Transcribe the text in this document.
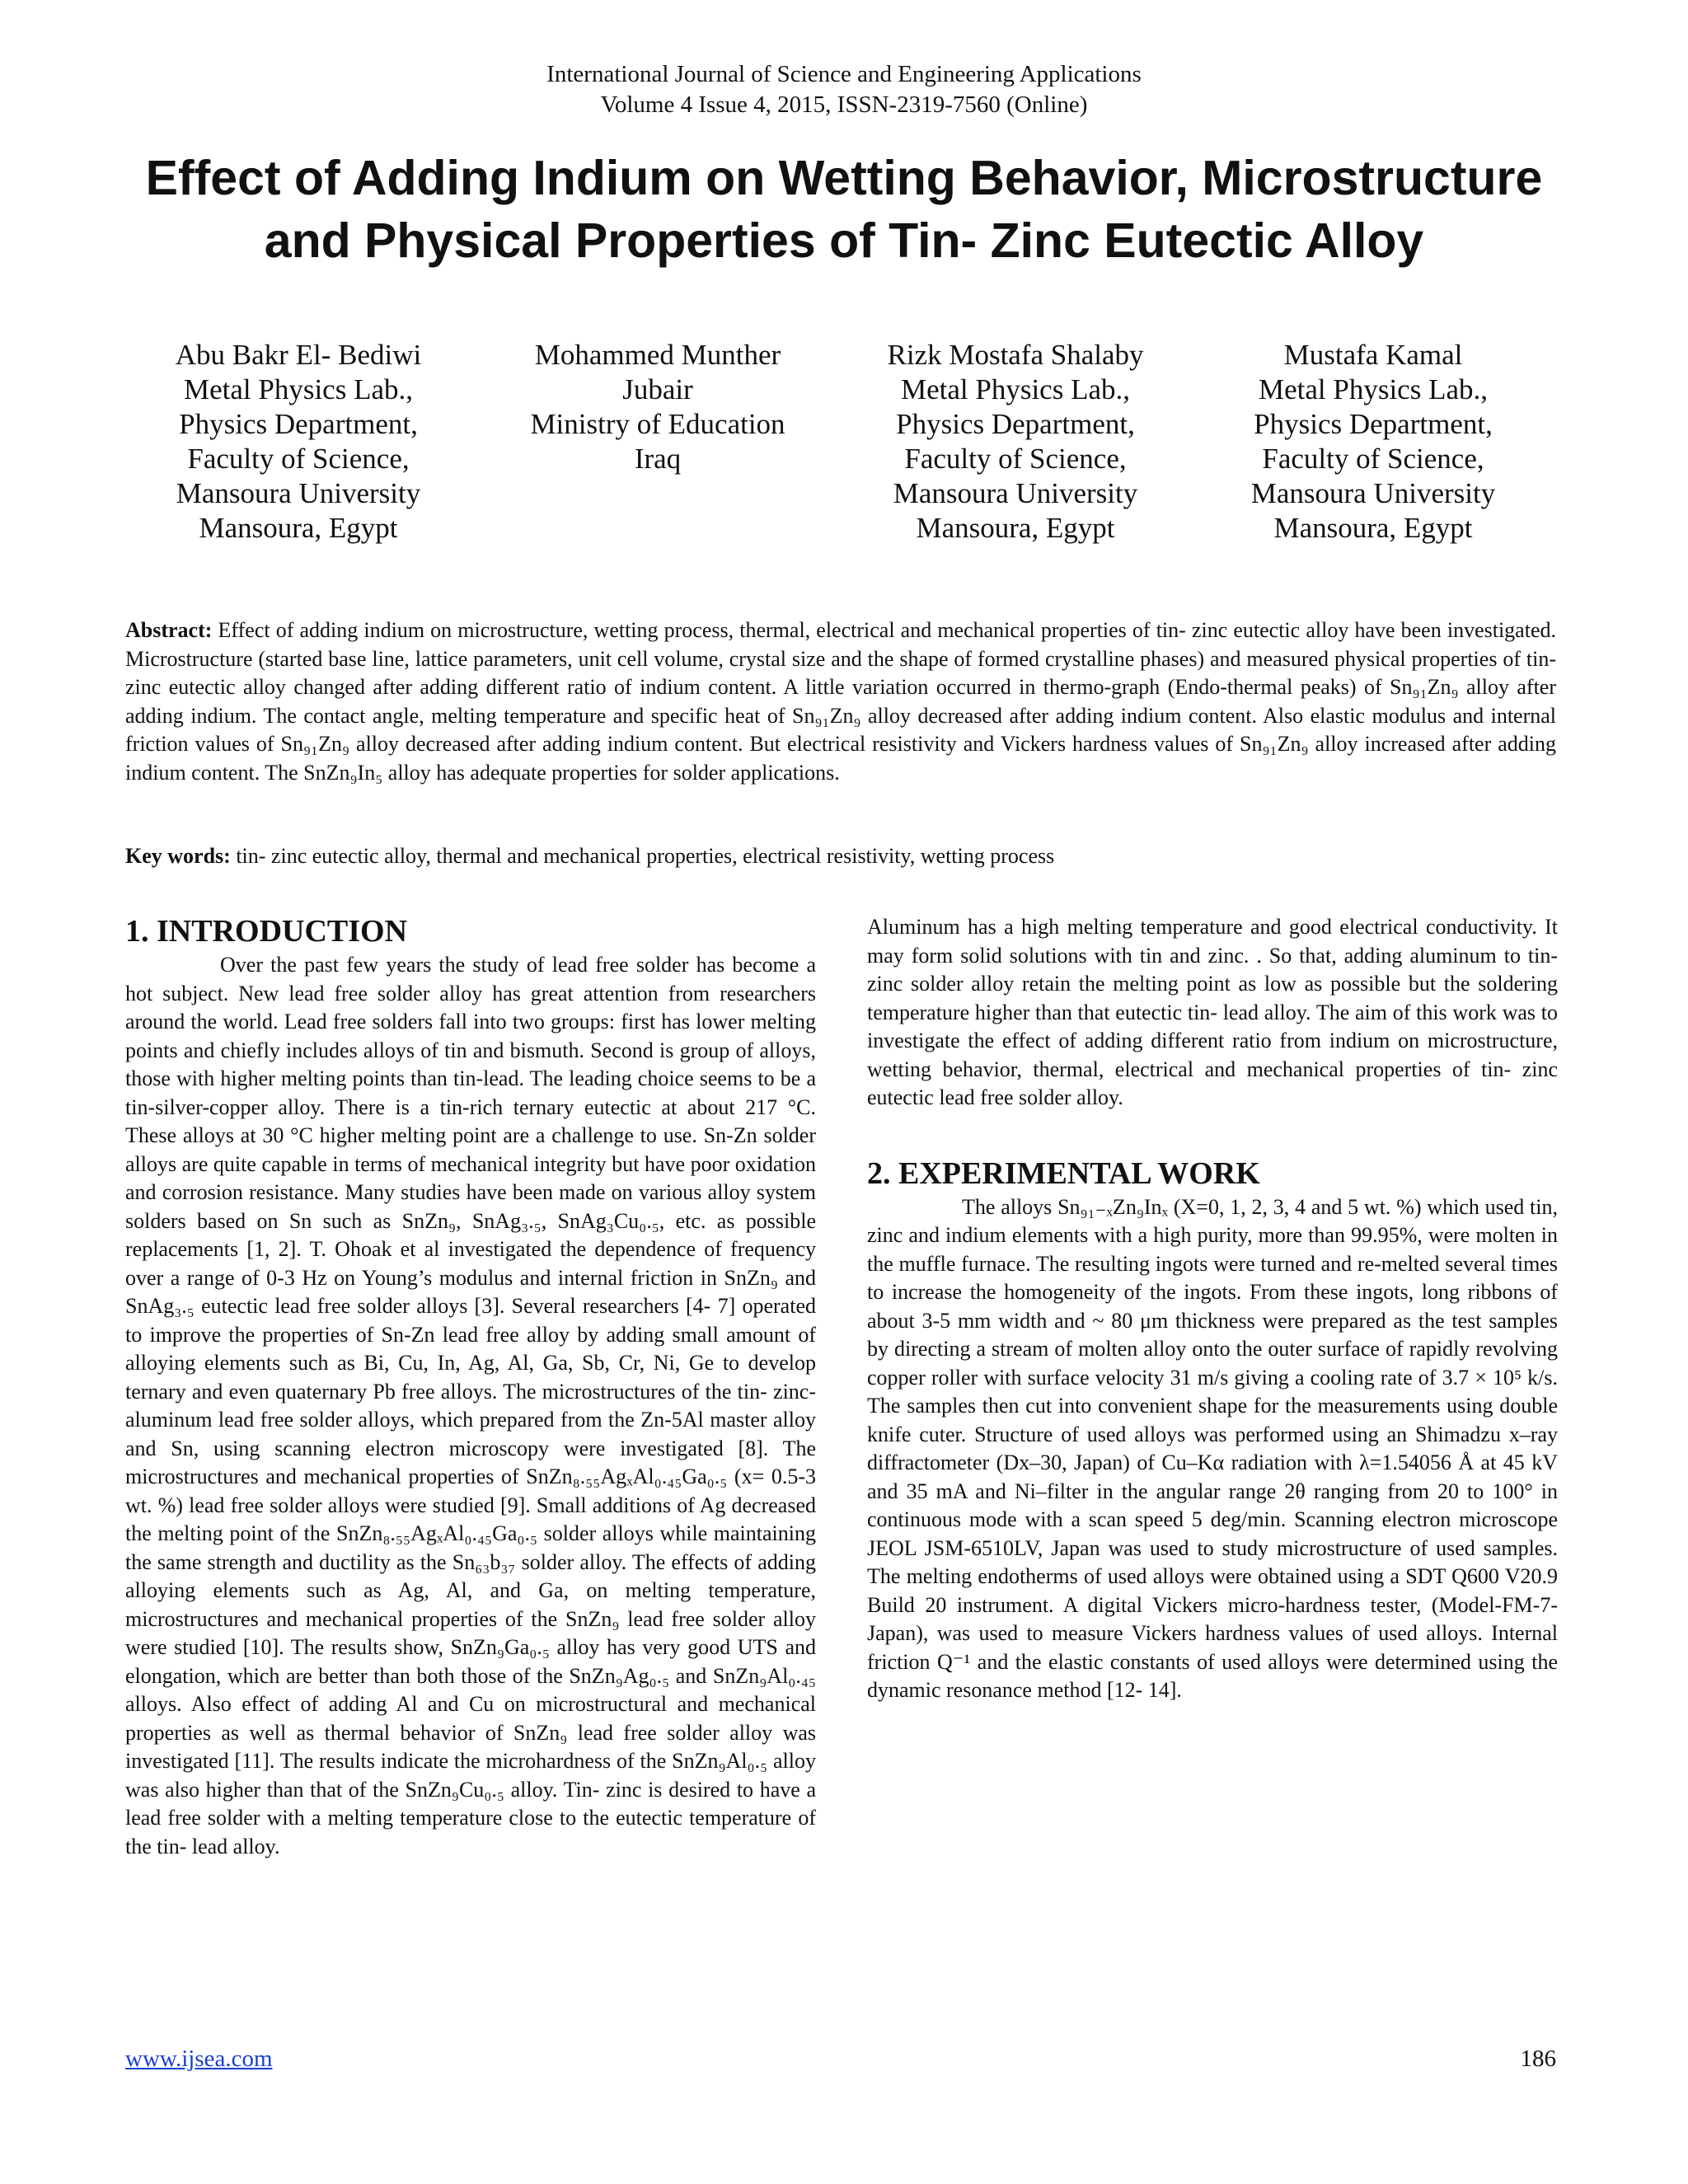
International Journal of Science and Engineering Applications
Volume 4 Issue 4, 2015, ISSN-2319-7560 (Online)
Effect of Adding Indium on Wetting Behavior, Microstructure
and Physical Properties of Tin- Zinc Eutectic Alloy
Abu Bakr El- Bediwi
Metal Physics Lab.,
Physics Department,
Faculty of Science,
Mansoura University
Mansoura, Egypt
Mohammed Munther
Jubair
Ministry of Education
Iraq
Rizk Mostafa Shalaby
Metal Physics Lab.,
Physics Department,
Faculty of Science,
Mansoura University
Mansoura, Egypt
Mustafa Kamal
Metal Physics Lab.,
Physics Department,
Faculty of Science,
Mansoura University
Mansoura, Egypt
Abstract: Effect of adding indium on microstructure, wetting process, thermal, electrical and mechanical properties of tin- zinc eutectic alloy have been investigated. Microstructure (started base line, lattice parameters, unit cell volume, crystal size and the shape of formed crystalline phases) and measured physical properties of tin- zinc eutectic alloy changed after adding different ratio of indium content. A little variation occurred in thermo-graph (Endo-thermal peaks) of Sn₉₁Zn₉ alloy after adding indium. The contact angle, melting temperature and specific heat of Sn₉₁Zn₉ alloy decreased after adding indium content. Also elastic modulus and internal friction values of Sn₉₁Zn₉ alloy decreased after adding indium content. But electrical resistivity and Vickers hardness values of Sn₉₁Zn₉ alloy increased after adding indium content. The SnZn₉In₅ alloy has adequate properties for solder applications.
Key words: tin- zinc eutectic alloy, thermal and mechanical properties, electrical resistivity, wetting process
1. INTRODUCTION

Over the past few years the study of lead free solder has become a hot subject. New lead free solder alloy has great attention from researchers around the world. Lead free solders fall into two groups: first has lower melting points and chiefly includes alloys of tin and bismuth. Second is group of alloys, those with higher melting points than tin-lead. The leading choice seems to be a tin-silver-copper alloy. There is a tin-rich ternary eutectic at about 217 °C. These alloys at 30 °C higher melting point are a challenge to use. Sn-Zn solder alloys are quite capable in terms of mechanical integrity but have poor oxidation and corrosion resistance. Many studies have been made on various alloy system solders based on Sn such as SnZn₉, SnAg₃.₅, SnAg₃Cu₀.₅, etc. as possible replacements [1, 2]. T. Ohoak et al investigated the dependence of frequency over a range of 0-3 Hz on Young’s modulus and internal friction in SnZn₉ and SnAg₃.₅ eutectic lead free solder alloys [3]. Several researchers [4- 7] operated to improve the properties of Sn-Zn lead free alloy by adding small amount of alloying elements such as Bi, Cu, In, Ag, Al, Ga, Sb, Cr, Ni, Ge to develop ternary and even quaternary Pb free alloys. The microstructures of the tin- zinc- aluminum lead free solder alloys, which prepared from the Zn-5Al master alloy and Sn, using scanning electron microscopy were investigated [8]. The microstructures and mechanical properties of SnZn₈.₅₅AgₓAl₀.₄₅Ga₀.₅ (x= 0.5-3 wt. %) lead free solder alloys were studied [9]. Small additions of Ag decreased the melting point of the SnZn₈.₅₅AgₓAl₀.₄₅Ga₀.₅ solder alloys while maintaining the same strength and ductility as the Sn₆₃b₃₇ solder alloy. The effects of adding alloying elements such as Ag, Al, and Ga, on melting temperature, microstructures and mechanical properties of the SnZn₉ lead free solder alloy were studied [10]. The results show, SnZn₉Ga₀.₅ alloy has very good UTS and elongation, which are better than both those of the SnZn₉Ag₀.₅ and SnZn₉Al₀.₄₅ alloys. Also effect of adding Al and Cu on microstructural and mechanical properties as well as thermal behavior of SnZn₉ lead free solder alloy was investigated [11]. The results indicate the microhardness of the SnZn₉Al₀.₅ alloy was also higher than that of the SnZn₉Cu₀.₅ alloy. Tin- zinc is desired to have a lead free solder with a melting temperature close to the eutectic temperature of the tin- lead alloy.

Aluminum has a high melting temperature and good electrical conductivity. It may form solid solutions with tin and zinc. . So that, adding aluminum to tin- zinc solder alloy retain the melting point as low as possible but the soldering temperature higher than that eutectic tin- lead alloy. The aim of this work was to investigate the effect of adding different ratio from indium on microstructure, wetting behavior, thermal, electrical and mechanical properties of tin- zinc eutectic lead free solder alloy.

2. EXPERIMENTAL WORK

The alloys Sn₉₁₋ₓZn₉Inₓ (X=0, 1, 2, 3, 4 and 5 wt. %) which used tin, zinc and indium elements with a high purity, more than 99.95%, were molten in the muffle furnace. The resulting ingots were turned and re-melted several times to increase the homogeneity of the ingots. From these ingots, long ribbons of about 3-5 mm width and ~ 80 μm thickness were prepared as the test samples by directing a stream of molten alloy onto the outer surface of rapidly revolving copper roller with surface velocity 31 m/s giving a cooling rate of 3.7 × 10⁵ k/s. The samples then cut into convenient shape for the measurements using double knife cuter. Structure of used alloys was performed using an Shimadzu x–ray diffractometer (Dx–30, Japan) of Cu–Kα radiation with λ=1.54056 Å at 45 kV and 35 mA and Ni–filter in the angular range 2θ ranging from 20 to 100° in continuous mode with a scan speed 5 deg/min. Scanning electron microscope JEOL JSM-6510LV, Japan was used to study microstructure of used samples. The melting endotherms of used alloys were obtained using a SDT Q600 V20.9 Build 20 instrument. A digital Vickers micro-hardness tester, (Model-FM-7- Japan), was used to measure Vickers hardness values of used alloys. Internal friction Q⁻¹ and the elastic constants of used alloys were determined using the dynamic resonance method [12- 14].

www.ijsea.com	186
